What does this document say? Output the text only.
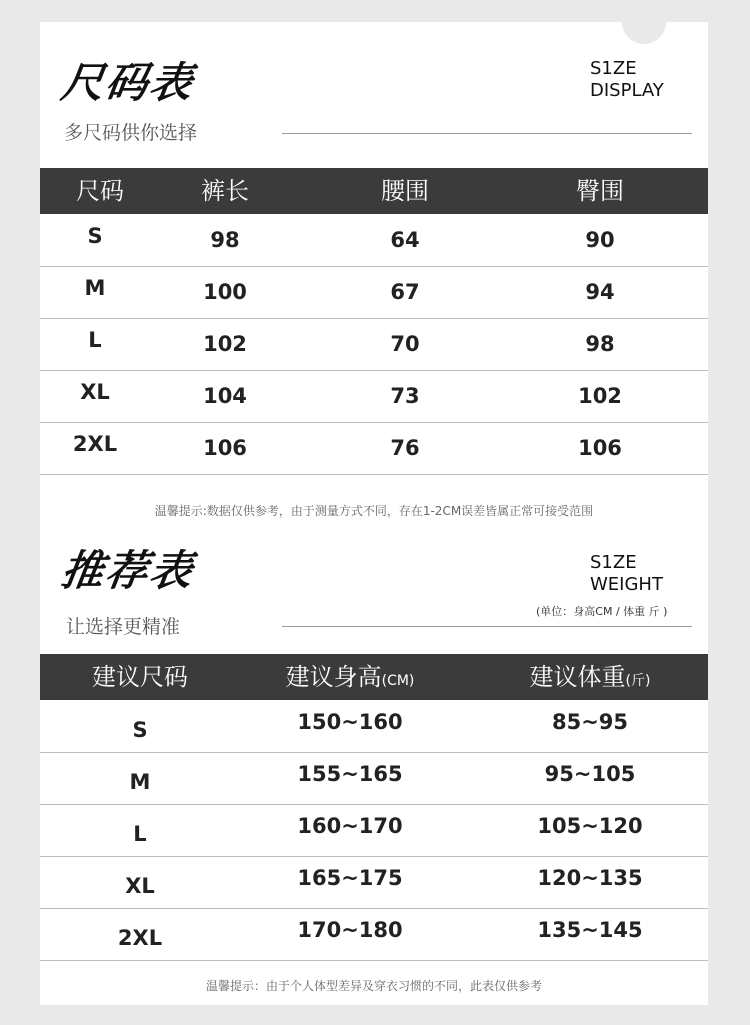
尺码表
多尺码供你选择
S1ZE
DISPLAY
尺码	裤长	腰围	臀围
S	98	64	90
M	100	67	94
L	102	70	98
XL	104	73	102
2XL	106	76	106
温馨提示:数据仅供参考，由于测量方式不同，存在1-2CM误差皆属正常可接受范围
推荐表
让选择更精准
S1ZE
WEIGHT
(单位：身高CM / 体重 斤 )
建议尺码	建议身高(CM)	建议体重(斤)
S	150~160	85~95
M	155~165	95~105
L	160~170	105~120
XL	165~175	120~135
2XL	170~180	135~145
温馨提示：由于个人体型差异及穿衣习惯的不同，此表仅供参考
